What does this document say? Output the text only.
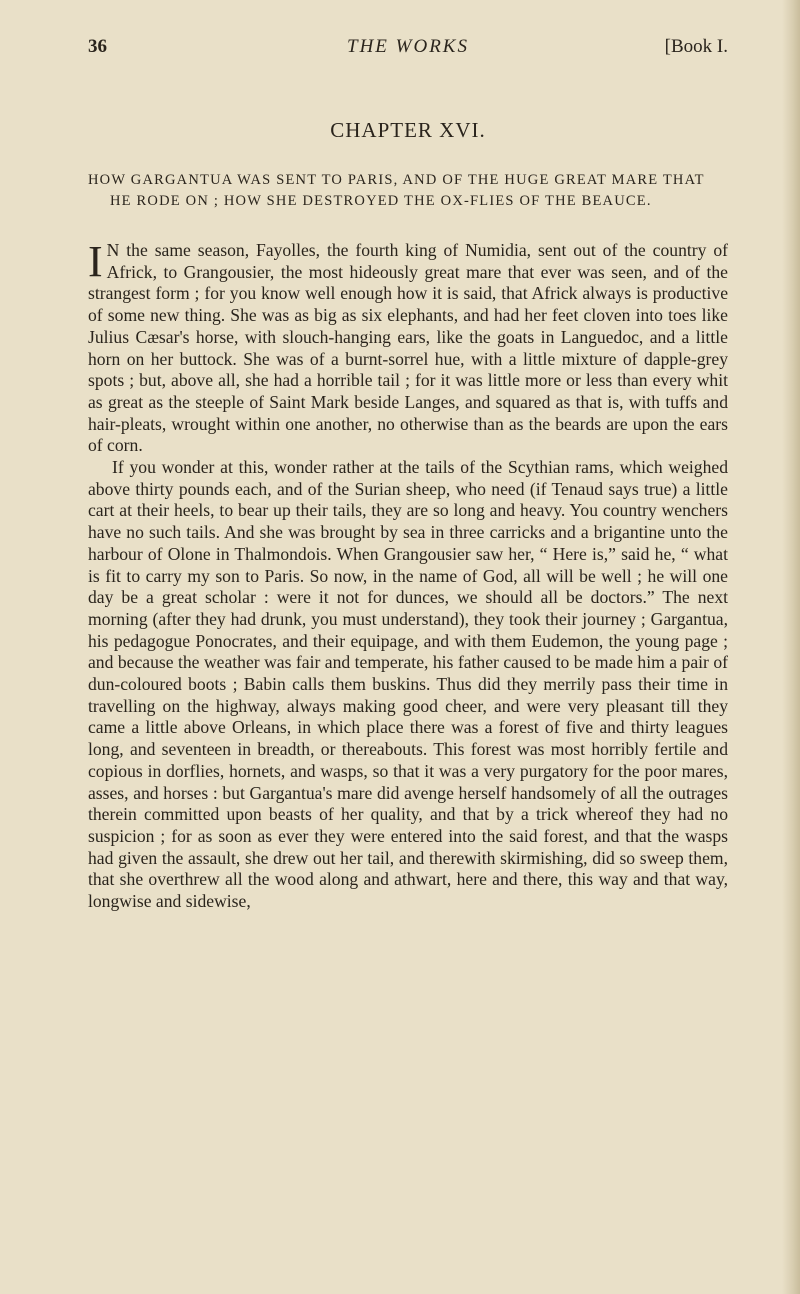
36	THE WORKS	[Book I.
CHAPTER XVI.
HOW GARGANTUA WAS SENT TO PARIS, AND OF THE HUGE GREAT MARE THAT HE RODE ON ; HOW SHE DESTROYED THE OX-FLIES OF THE BEAUCE.

IN the same season, Fayolles, the fourth king of Numidia, sent out of the country of Africk, to Grangousier, the most hideously great mare that ever was seen, and of the strangest form ; for you know well enough how it is said, that Africk always is productive of some new thing. She was as big as six elephants, and had her feet cloven into toes like Julius Cæsar's horse, with slouch-hanging ears, like the goats in Languedoc, and a little horn on her buttock. She was of a burnt-sorrel hue, with a little mixture of dapple-grey spots ; but, above all, she had a horrible tail ; for it was little more or less than every whit as great as the steeple of Saint Mark beside Langes, and squared as that is, with tuffs and hair-pleats, wrought within one another, no otherwise than as the beards are upon the ears of corn.

If you wonder at this, wonder rather at the tails of the Scythian rams, which weighed above thirty pounds each, and of the Surian sheep, who need (if Tenaud says true) a little cart at their heels, to bear up their tails, they are so long and heavy. You country wenchers have no such tails. And she was brought by sea in three carricks and a brigantine unto the harbour of Olone in Thalmondois. When Grangousier saw her, “ Here is,” said he, “ what is fit to carry my son to Paris. So now, in the name of God, all will be well ; he will one day be a great scholar : were it not for dunces, we should all be doctors.” The next morning (after they had drunk, you must understand), they took their journey ; Gargantua, his pedagogue Ponocrates, and their equipage, and with them Eudemon, the young page ; and because the weather was fair and temperate, his father caused to be made him a pair of dun-coloured boots ; Babin calls them buskins. Thus did they merrily pass their time in travelling on the highway, always making good cheer, and were very pleasant till they came a little above Orleans, in which place there was a forest of five and thirty leagues long, and seventeen in breadth, or thereabouts. This forest was most horribly fertile and copious in dorflies, hornets, and wasps, so that it was a very purgatory for the poor mares, asses, and horses : but Gargantua's mare did avenge herself handsomely of all the outrages therein committed upon beasts of her quality, and that by a trick whereof they had no suspicion ; for as soon as ever they were entered into the said forest, and that the wasps had given the assault, she drew out her tail, and therewith skirmishing, did so sweep them, that she overthrew all the wood along and athwart, here and there, this way and that way, longwise and sidewise,
